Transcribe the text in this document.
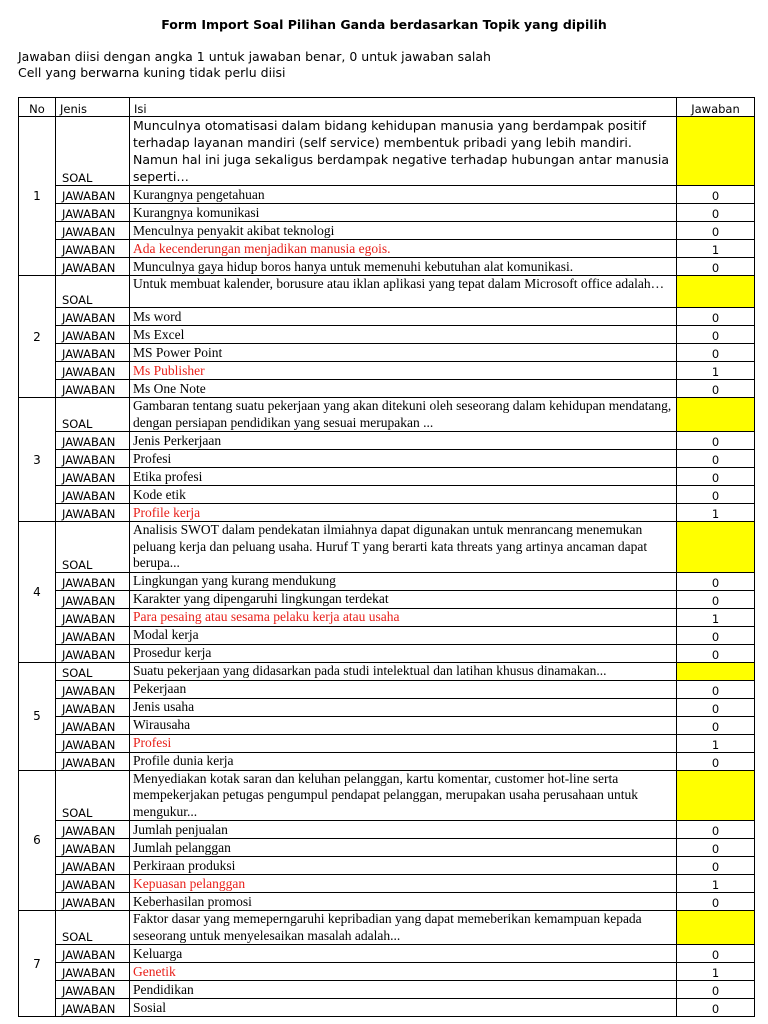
Form Import Soal Pilihan Ganda berdasarkan Topik yang dipilih
Jawaban diisi dengan angka 1 untuk jawaban benar, 0 untuk jawaban salah
Cell yang berwarna kuning tidak perlu diisi
No	Jenis	Isi	Jawaban
1	SOAL	Munculnya otomatisasi dalam bidang kehidupan manusia yang berdampak positif terhadap layanan mandiri (self service) membentuk pribadi yang lebih mandiri. Namun hal ini juga sekaligus berdampak negative terhadap hubungan antar manusia seperti…	
	JAWABAN	Kurangnya pengetahuan	0
	JAWABAN	Kurangnya komunikasi	0
	JAWABAN	Menculnya penyakit akibat teknologi	0
	JAWABAN	Ada kecenderungan menjadikan manusia egois.	1
	JAWABAN	Munculnya gaya hidup boros hanya untuk memenuhi kebutuhan alat komunikasi.	0
2	SOAL	Untuk membuat kalender, borusure atau iklan aplikasi yang tepat dalam Microsoft office adalah…	
	JAWABAN	Ms word	0
	JAWABAN	Ms Excel	0
	JAWABAN	MS Power Point	0
	JAWABAN	Ms Publisher	1
	JAWABAN	Ms One Note	0
3	SOAL	Gambaran tentang suatu pekerjaan yang akan ditekuni oleh seseorang dalam kehidupan mendatang, dengan persiapan pendidikan yang sesuai merupakan ...	
	JAWABAN	Jenis Perkerjaan	0
	JAWABAN	Profesi	0
	JAWABAN	Etika profesi	0
	JAWABAN	Kode etik	0
	JAWABAN	Profile kerja	1
4	SOAL	Analisis SWOT dalam pendekatan ilmiahnya dapat digunakan untuk menrancang menemukan peluang kerja dan peluang usaha. Huruf T yang berarti kata threats yang artinya ancaman dapat berupa...	
	JAWABAN	Lingkungan yang kurang mendukung	0
	JAWABAN	Karakter yang dipengaruhi lingkungan terdekat	0
	JAWABAN	Para pesaing atau sesama pelaku kerja atau usaha	1
	JAWABAN	Modal kerja	0
	JAWABAN	Prosedur kerja	0
5	SOAL	Suatu pekerjaan yang didasarkan pada studi intelektual dan latihan khusus dinamakan...	
	JAWABAN	Pekerjaan	0
	JAWABAN	Jenis usaha	0
	JAWABAN	Wirausaha	0
	JAWABAN	Profesi	1
	JAWABAN	Profile dunia kerja	0
6	SOAL	Menyediakan kotak saran dan keluhan pelanggan, kartu komentar, customer hot-line serta mempekerjakan petugas pengumpul pendapat pelanggan, merupakan usaha perusahaan untuk mengukur...	
	JAWABAN	Jumlah penjualan	0
	JAWABAN	Jumlah pelanggan	0
	JAWABAN	Perkiraan produksi	0
	JAWABAN	Kepuasan pelanggan	1
	JAWABAN	Keberhasilan promosi	0
7	SOAL	Faktor dasar yang memeperngaruhi kepribadian yang dapat memeberikan kemampuan kepada seseorang untuk menyelesaikan masalah adalah...	
	JAWABAN	Keluarga	0
	JAWABAN	Genetik	1
	JAWABAN	Pendidikan	0
	JAWABAN	Sosial	0
